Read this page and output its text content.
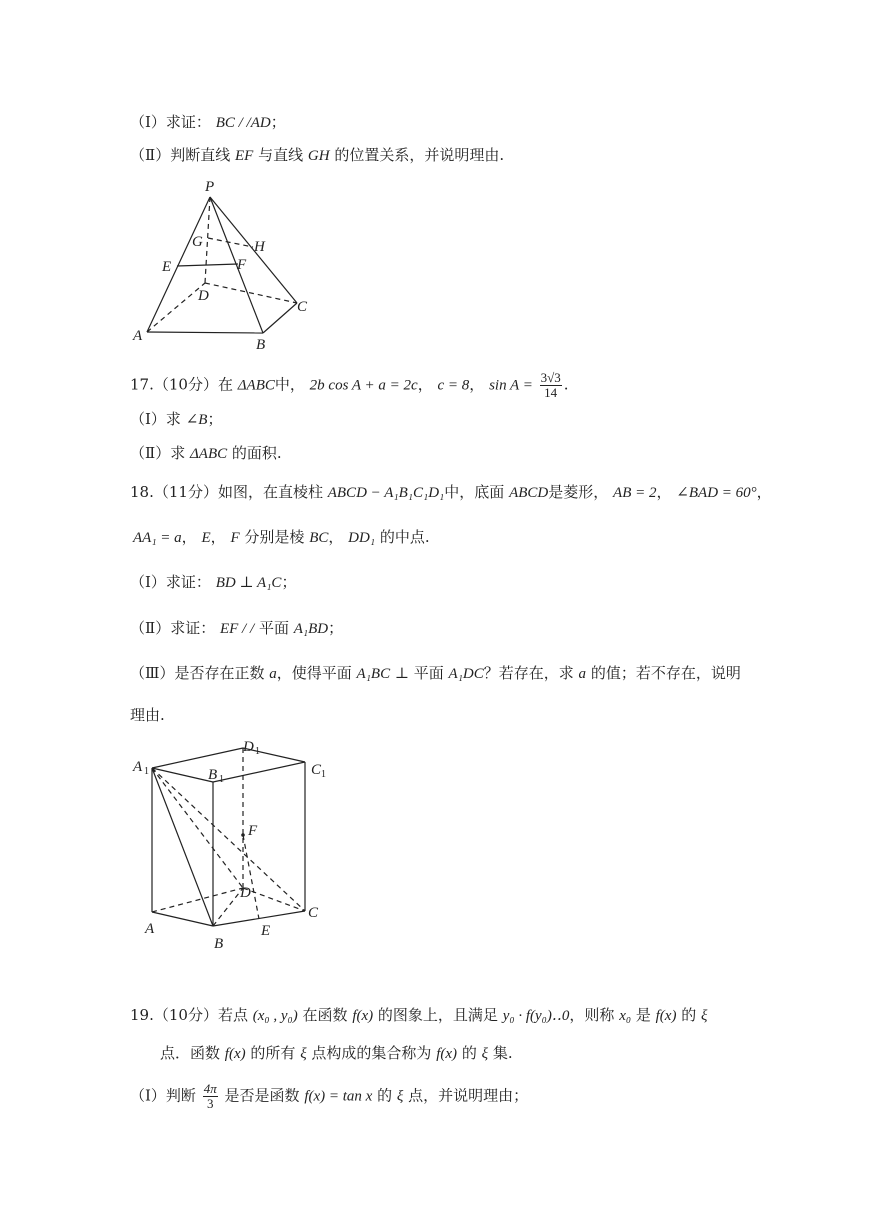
（Ⅰ）求证： BC / /AD；
（Ⅱ）判断直线 EF 与直线 GH 的位置关系，并说明理由.
P
G	H
E	F
D
C
A
B
17.（10分）在 ΔABC中， 2b cos A + a = 2c， c = 8， $\sin A = \frac{3√3}{14}$ .
（Ⅰ）求 ∠B；
（Ⅱ）求 ΔABC 的面积.
18.（11分）如图，在直棱柱 ABCD − A₁B₁C₁D₁中，底面 ABCD是菱形， AB = 2， ∠BAD = 60°，
AA₁ = a， E， F 分别是棱 BC， DD₁ 的中点.
（Ⅰ）求证： BD ⊥ A₁C；
（Ⅱ）求证： EF / / 平面 A₁BD；
（Ⅲ）是否存在正数 a，使得平面 A₁BC ⊥ 平面 A₁DC？若存在，求 a 的值；若不存在，说明
理由.
A 1	B 1
D 1
C 1
F
D
A
B
E
C
19.（10分）若点 (x₀ , y₀) 在函数 f(x) 的图象上，且满足 y₀ · f(y₀)‥0，则称 x₀ 是 f(x) 的 ξ
点．函数 f(x) 的所有 ξ 点构成的集合称为 f(x) 的 ξ 集.
（Ⅰ）判断 $\frac{4\pi}{3}$ 是否是函数 f(x) = tan x 的 ξ 点，并说明理由；
